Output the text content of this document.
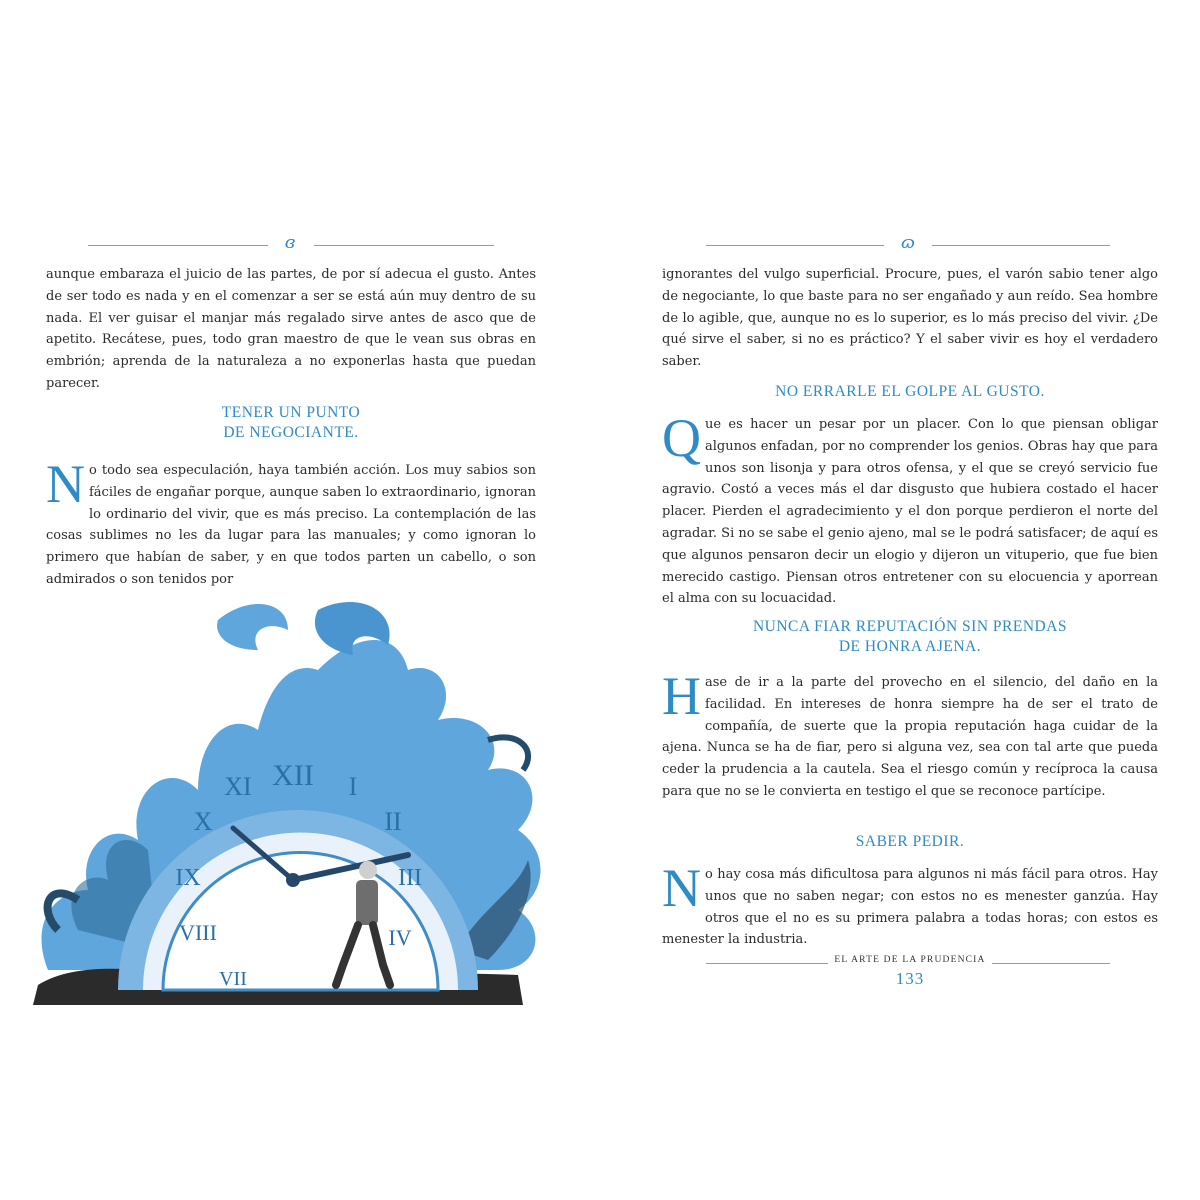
ɞ

aunque embaraza el juicio de las partes, de por sí adecua el gusto. Antes de ser todo es nada y en el comenzar a ser se está aún muy dentro de su nada. El ver guisar el manjar más regalado sirve antes de asco que de apetito. Recátese, pues, todo gran maestro de que le vean sus obras en embrión; aprenda de la naturaleza a no exponerlas hasta que puedan parecer.

TENER UN PUNTO
DE NEGOCIANTE.
N o todo sea especulación, haya también acción. Los muy sabios son fáciles de engañar porque, aunque saben lo extraordinario, ignoran lo ordinario del vivir, que es más preciso. La contemplación de las cosas sublimes no les da lugar para las manuales; y como ignoran lo primero que habían de saber, y en que todos parten un cabello, o son admirados o son tenidos por
XII I
II
III
IV
IX
X
XI
VIII
VII
ɷ

ignorantes del vulgo superficial. Procure, pues, el varón sabio tener algo de negociante, lo que baste para no ser engañado y aun reído. Sea hombre de lo agible, que, aunque no es lo superior, es lo más preciso del vivir. ¿De qué sirve el saber, si no es práctico? Y el saber vivir es hoy el verdadero saber.

NO ERRARLE EL GOLPE AL GUSTO.
Q ue es hacer un pesar por un placer. Con lo que piensan obligar algunos enfadan, por no comprender los genios. Obras hay que para unos son lisonja y para otros ofensa, y el que se creyó servicio fue agravio. Costó a veces más el dar disgusto que hubiera costado el hacer placer. Pierden el agradecimiento y el don porque perdieron el norte del agradar. Si no se sabe el genio ajeno, mal se le podrá satisfacer; de aquí es que algunos pensaron decir un elogio y dijeron un vituperio, que fue bien merecido castigo. Piensan otros entretener con su elocuencia y aporrean el alma con su locuacidad.
NUNCA FIAR REPUTACIÓN SIN PRENDAS
DE HONRA AJENA.
H ase de ir a la parte del provecho en el silencio, del daño en la facilidad. En intereses de honra siempre ha de ser el trato de compañía, de suerte que la propia reputación haga cuidar de la ajena. Nunca se ha de fiar, pero si alguna vez, sea con tal arte que pueda ceder la prudencia a la cautela. Sea el riesgo común y recíproca la causa para que no se le convierta en testigo el que se reconoce partícipe.
SABER PEDIR.
N o hay cosa más dificultosa para algunos ni más fácil para otros. Hay unos que no saben negar; con estos no es menester ganzúa. Hay otros que el no es su primera palabra a todas horas; con estos es menester la industria.
EL ARTE DE LA PRUDENCIA
133
